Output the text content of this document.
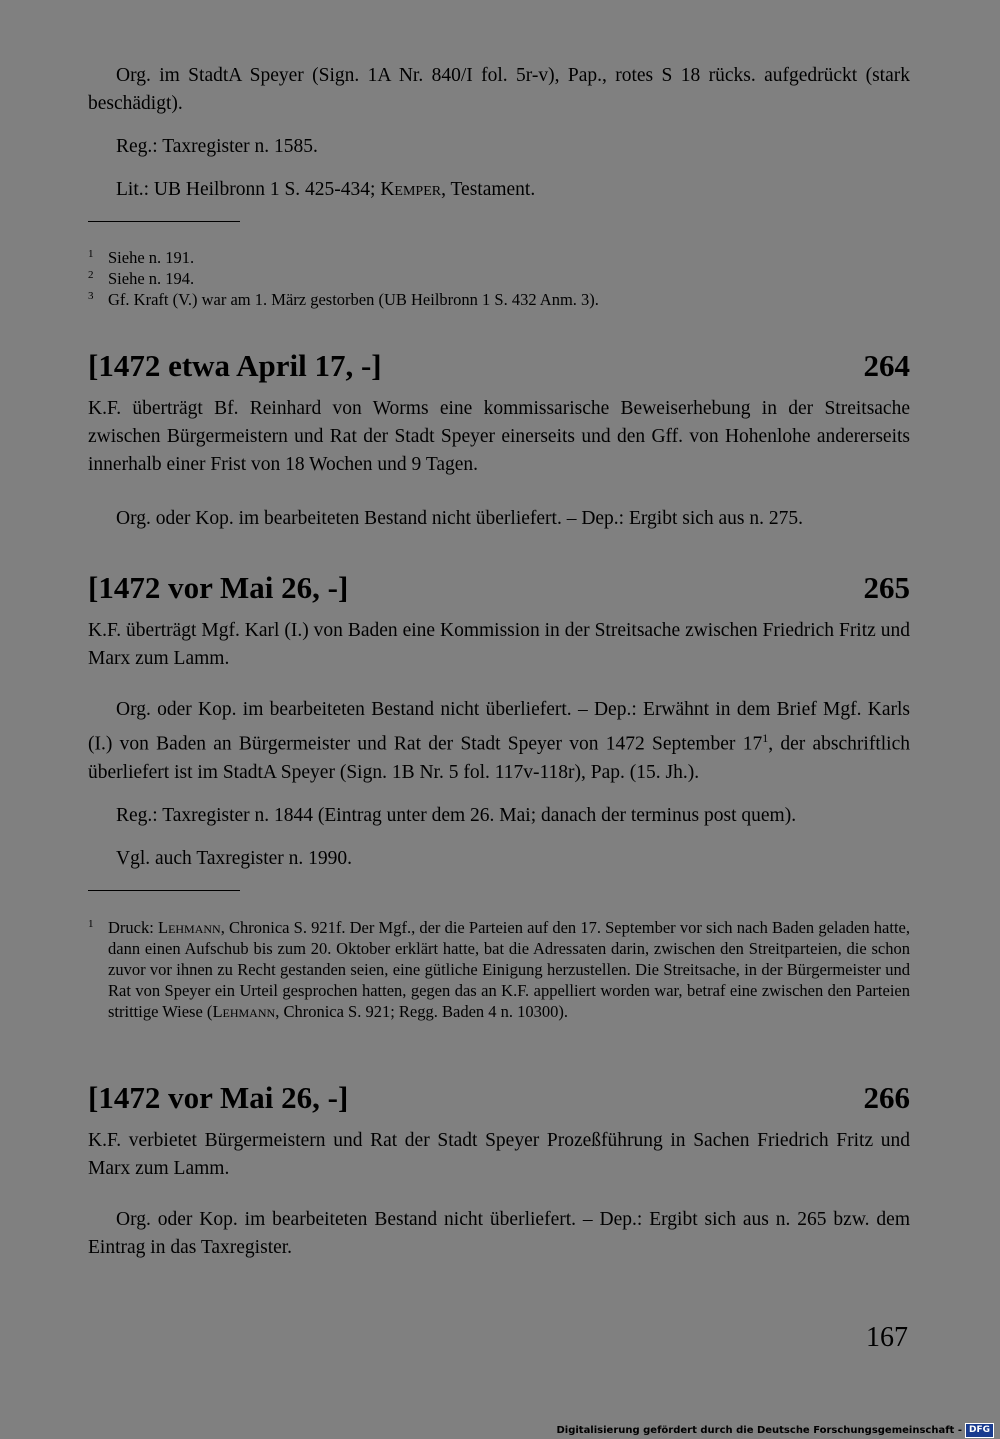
Org. im StadtA Speyer (Sign. 1A Nr. 840/I fol. 5r-v), Pap., rotes S 18 rücks. aufgedrückt (stark beschädigt).

Reg.: Taxregister n. 1585.

Lit.: UB Heilbronn 1 S. 425-434; Kemper, Testament.

1 Siehe n. 191.
2 Siehe n. 194.
3 Gf. Kraft (V.) war am 1. März gestorben (UB Heilbronn 1 S. 432 Anm. 3).
[1472 etwa April 17, -]	264

K.F. überträgt Bf. Reinhard von Worms eine kommissarische Beweiserhebung in der Streitsache zwischen Bürgermeistern und Rat der Stadt Speyer einerseits und den Gff. von Hohenlohe andererseits innerhalb einer Frist von 18 Wochen und 9 Tagen.

Org. oder Kop. im bearbeiteten Bestand nicht überliefert. – Dep.: Ergibt sich aus n. 275.

[1472 vor Mai 26, -]	265

K.F. überträgt Mgf. Karl (I.) von Baden eine Kommission in der Streitsache zwischen Friedrich Fritz und Marx zum Lamm.

Org. oder Kop. im bearbeiteten Bestand nicht überliefert. – Dep.: Erwähnt in dem Brief Mgf. Karls (I.) von Baden an Bürgermeister und Rat der Stadt Speyer von 1472 September $17^1$, der abschriftlich überliefert ist im StadtA Speyer (Sign. 1B Nr. 5 fol. 117v-118r), Pap. (15. Jh.).

Reg.: Taxregister n. 1844 (Eintrag unter dem 26. Mai; danach der terminus post quem).

Vgl. auch Taxregister n. 1990.

1 Druck: Lehmann, Chronica S. 921f. Der Mgf., der die Parteien auf den 17. September vor sich nach Baden geladen hatte, dann einen Aufschub bis zum 20. Oktober erklärt hatte, bat die Adressaten darin, zwischen den Streitparteien, die schon zuvor vor ihnen zu Recht gestanden seien, eine gütliche Einigung herzustellen. Die Streitsache, in der Bürgermeister und Rat von Speyer ein Urteil gesprochen hatten, gegen das an K.F. appelliert worden war, betraf eine zwischen den Parteien strittige Wiese (Lehmann, Chronica S. 921; Regg. Baden 4 n. 10300).
[1472 vor Mai 26, -]	266

K.F. verbietet Bürgermeistern und Rat der Stadt Speyer Prozeßführung in Sachen Friedrich Fritz und Marx zum Lamm.

Org. oder Kop. im bearbeiteten Bestand nicht überliefert. – Dep.: Ergibt sich aus n. 265 bzw. dem Eintrag in das Taxregister.

167
Digitalisierung gefördert durch die Deutsche Forschungsgemeinschaft - DFG
